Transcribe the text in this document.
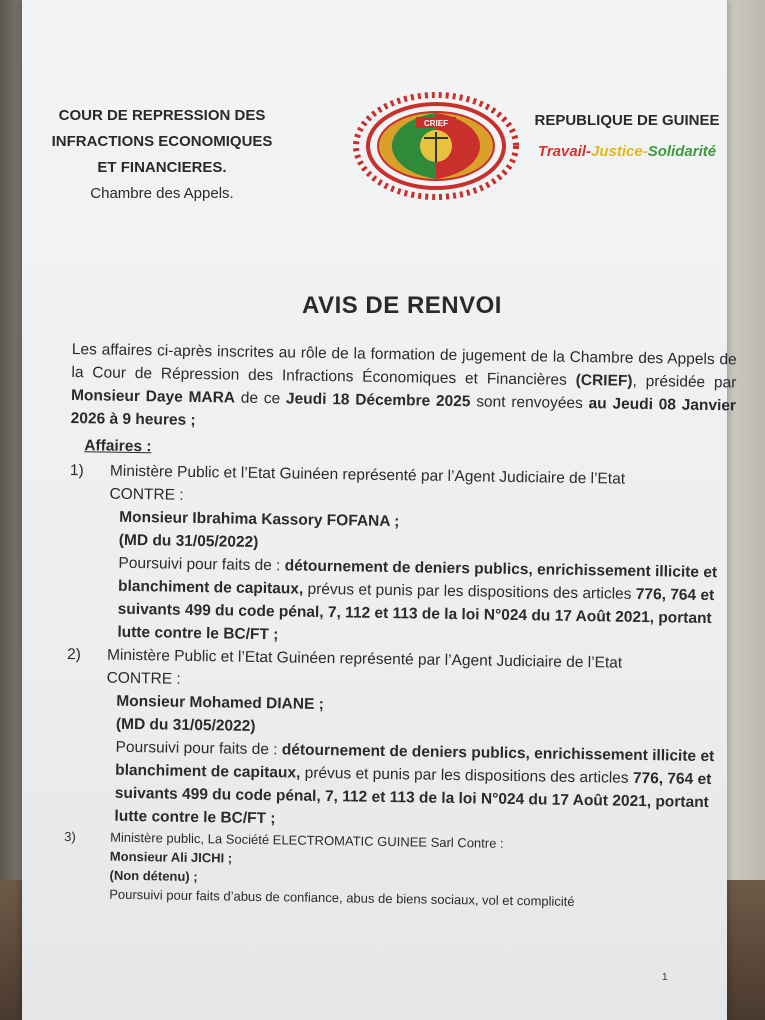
COUR DE REPRESSION DES
INFRACTIONS ECONOMIQUES
ET FINANCIERES.
Chambre des Appels.
CRIEF	REPUBLIQUE DE GUINEE
Travail-Justice-Solidarité
AVIS DE RENVOI

Les affaires ci-après inscrites au rôle de la formation de jugement de la Chambre des Appels de la Cour de Répression des Infractions Économiques et Financières (CRIEF), présidée par Monsieur Daye MARA de ce Jeudi 18 Décembre 2025 sont renvoyées au Jeudi 08 Janvier 2026 à 9 heures ;

Affaires :
1) Ministère Public et l’Etat Guinéen représenté par l’Agent Judiciaire de l’Etat

CONTRE :

Monsieur Ibrahima Kassory FOFANA ;

(MD du 31/05/2022)

Poursuivi pour faits de : détournement de deniers publics, enrichissement illicite et blanchiment de capitaux, prévus et punis par les dispositions des articles 776, 764 et suivants 499 du code pénal, 7, 112 et 113 de la loi N°024 du 17 Août 2021, portant lutte contre le BC/FT ;

2) Ministère Public et l’Etat Guinéen représenté par l’Agent Judiciaire de l’Etat

CONTRE :

Monsieur Mohamed DIANE ;

(MD du 31/05/2022)

Poursuivi pour faits de : détournement de deniers publics, enrichissement illicite et blanchiment de capitaux, prévus et punis par les dispositions des articles 776, 764 et suivants 499 du code pénal, 7, 112 et 113 de la loi N°024 du 17 Août 2021, portant lutte contre le BC/FT ;

3)	Ministère public, La Société ELECTROMATIC GUINEE Sarl Contre :

Monsieur Ali JICHI ;

(Non détenu) ;

Poursuivi pour faits d’abus de confiance, abus de biens sociaux, vol et complicité

1
